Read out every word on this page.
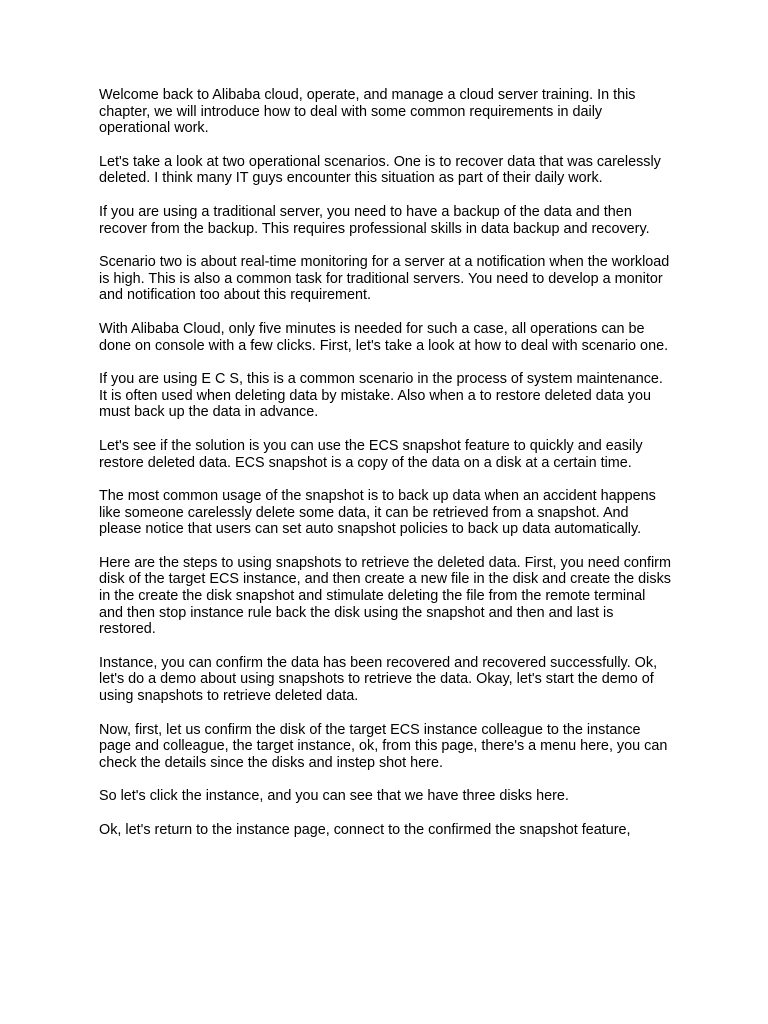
Welcome back to Alibaba cloud, operate, and manage a cloud server training. In this chapter, we will introduce how to deal with some common requirements in daily operational work.

Let's take a look at two operational scenarios. One is to recover data that was carelessly deleted. I think many IT guys encounter this situation as part of their daily work.

If you are using a traditional server, you need to have a backup of the data and then recover from the backup. This requires professional skills in data backup and recovery.

Scenario two is about real-time monitoring for a server at a notification when the workload is high. This is also a common task for traditional servers. You need to develop a monitor and notification too about this requirement.

With Alibaba Cloud, only five minutes is needed for such a case, all operations can be done on console with a few clicks. First, let's take a look at how to deal with scenario one.

If you are using E C S, this is a common scenario in the process of system maintenance. It is often used when deleting data by mistake. Also when a to restore deleted data you must back up the data in advance.

Let's see if the solution is you can use the ECS snapshot feature to quickly and easily restore deleted data. ECS snapshot is a copy of the data on a disk at a certain time.

The most common usage of the snapshot is to back up data when an accident happens like someone carelessly delete some data, it can be retrieved from a snapshot. And please notice that users can set auto snapshot policies to back up data automatically.

Here are the steps to using snapshots to retrieve the deleted data. First, you need confirm disk of the target ECS instance, and then create a new file in the disk and create the disks in the create the disk snapshot and stimulate deleting the file from the remote terminal and then stop instance rule back the disk using the snapshot and then and last is restored.

Instance, you can confirm the data has been recovered and recovered successfully. Ok, let's do a demo about using snapshots to retrieve the data. Okay, let's start the demo of using snapshots to retrieve deleted data.

Now, first, let us confirm the disk of the target ECS instance colleague to the instance page and colleague, the target instance, ok, from this page, there's a menu here, you can check the details since the disks and instep shot here.

So let's click the instance, and you can see that we have three disks here.

Ok, let's return to the instance page, connect to the confirmed the snapshot feature,
